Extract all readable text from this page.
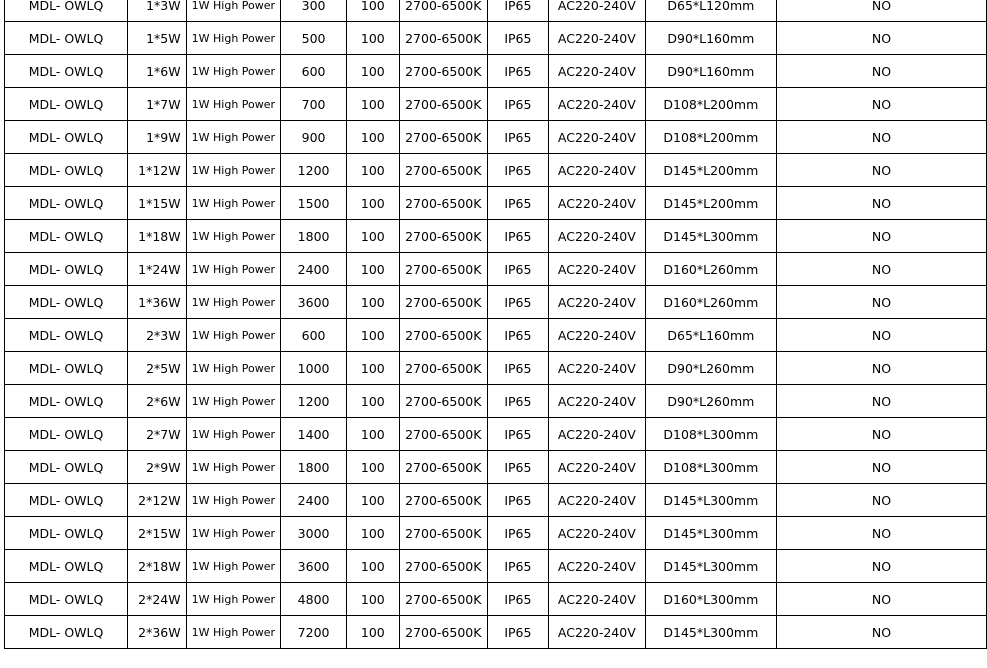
MDL- OWLQ	1*3W	1W High Power	300	100	2700-6500K	IP65	AC220-240V	D65*L120mm	NO
MDL- OWLQ	1*5W	1W High Power	500	100	2700-6500K	IP65	AC220-240V	D90*L160mm	NO
MDL- OWLQ	1*6W	1W High Power	600	100	2700-6500K	IP65	AC220-240V	D90*L160mm	NO
MDL- OWLQ	1*7W	1W High Power	700	100	2700-6500K	IP65	AC220-240V	D108*L200mm	NO
MDL- OWLQ	1*9W	1W High Power	900	100	2700-6500K	IP65	AC220-240V	D108*L200mm	NO
MDL- OWLQ	1*12W	1W High Power	1200	100	2700-6500K	IP65	AC220-240V	D145*L200mm	NO
MDL- OWLQ	1*15W	1W High Power	1500	100	2700-6500K	IP65	AC220-240V	D145*L200mm	NO
MDL- OWLQ	1*18W	1W High Power	1800	100	2700-6500K	IP65	AC220-240V	D145*L300mm	NO
MDL- OWLQ	1*24W	1W High Power	2400	100	2700-6500K	IP65	AC220-240V	D160*L260mm	NO
MDL- OWLQ	1*36W	1W High Power	3600	100	2700-6500K	IP65	AC220-240V	D160*L260mm	NO
MDL- OWLQ	2*3W	1W High Power	600	100	2700-6500K	IP65	AC220-240V	D65*L160mm	NO
MDL- OWLQ	2*5W	1W High Power	1000	100	2700-6500K	IP65	AC220-240V	D90*L260mm	NO
MDL- OWLQ	2*6W	1W High Power	1200	100	2700-6500K	IP65	AC220-240V	D90*L260mm	NO
MDL- OWLQ	2*7W	1W High Power	1400	100	2700-6500K	IP65	AC220-240V	D108*L300mm	NO
MDL- OWLQ	2*9W	1W High Power	1800	100	2700-6500K	IP65	AC220-240V	D108*L300mm	NO
MDL- OWLQ	2*12W	1W High Power	2400	100	2700-6500K	IP65	AC220-240V	D145*L300mm	NO
MDL- OWLQ	2*15W	1W High Power	3000	100	2700-6500K	IP65	AC220-240V	D145*L300mm	NO
MDL- OWLQ	2*18W	1W High Power	3600	100	2700-6500K	IP65	AC220-240V	D145*L300mm	NO
MDL- OWLQ	2*24W	1W High Power	4800	100	2700-6500K	IP65	AC220-240V	D160*L300mm	NO
MDL- OWLQ	2*36W	1W High Power	7200	100	2700-6500K	IP65	AC220-240V	D145*L300mm	NO
